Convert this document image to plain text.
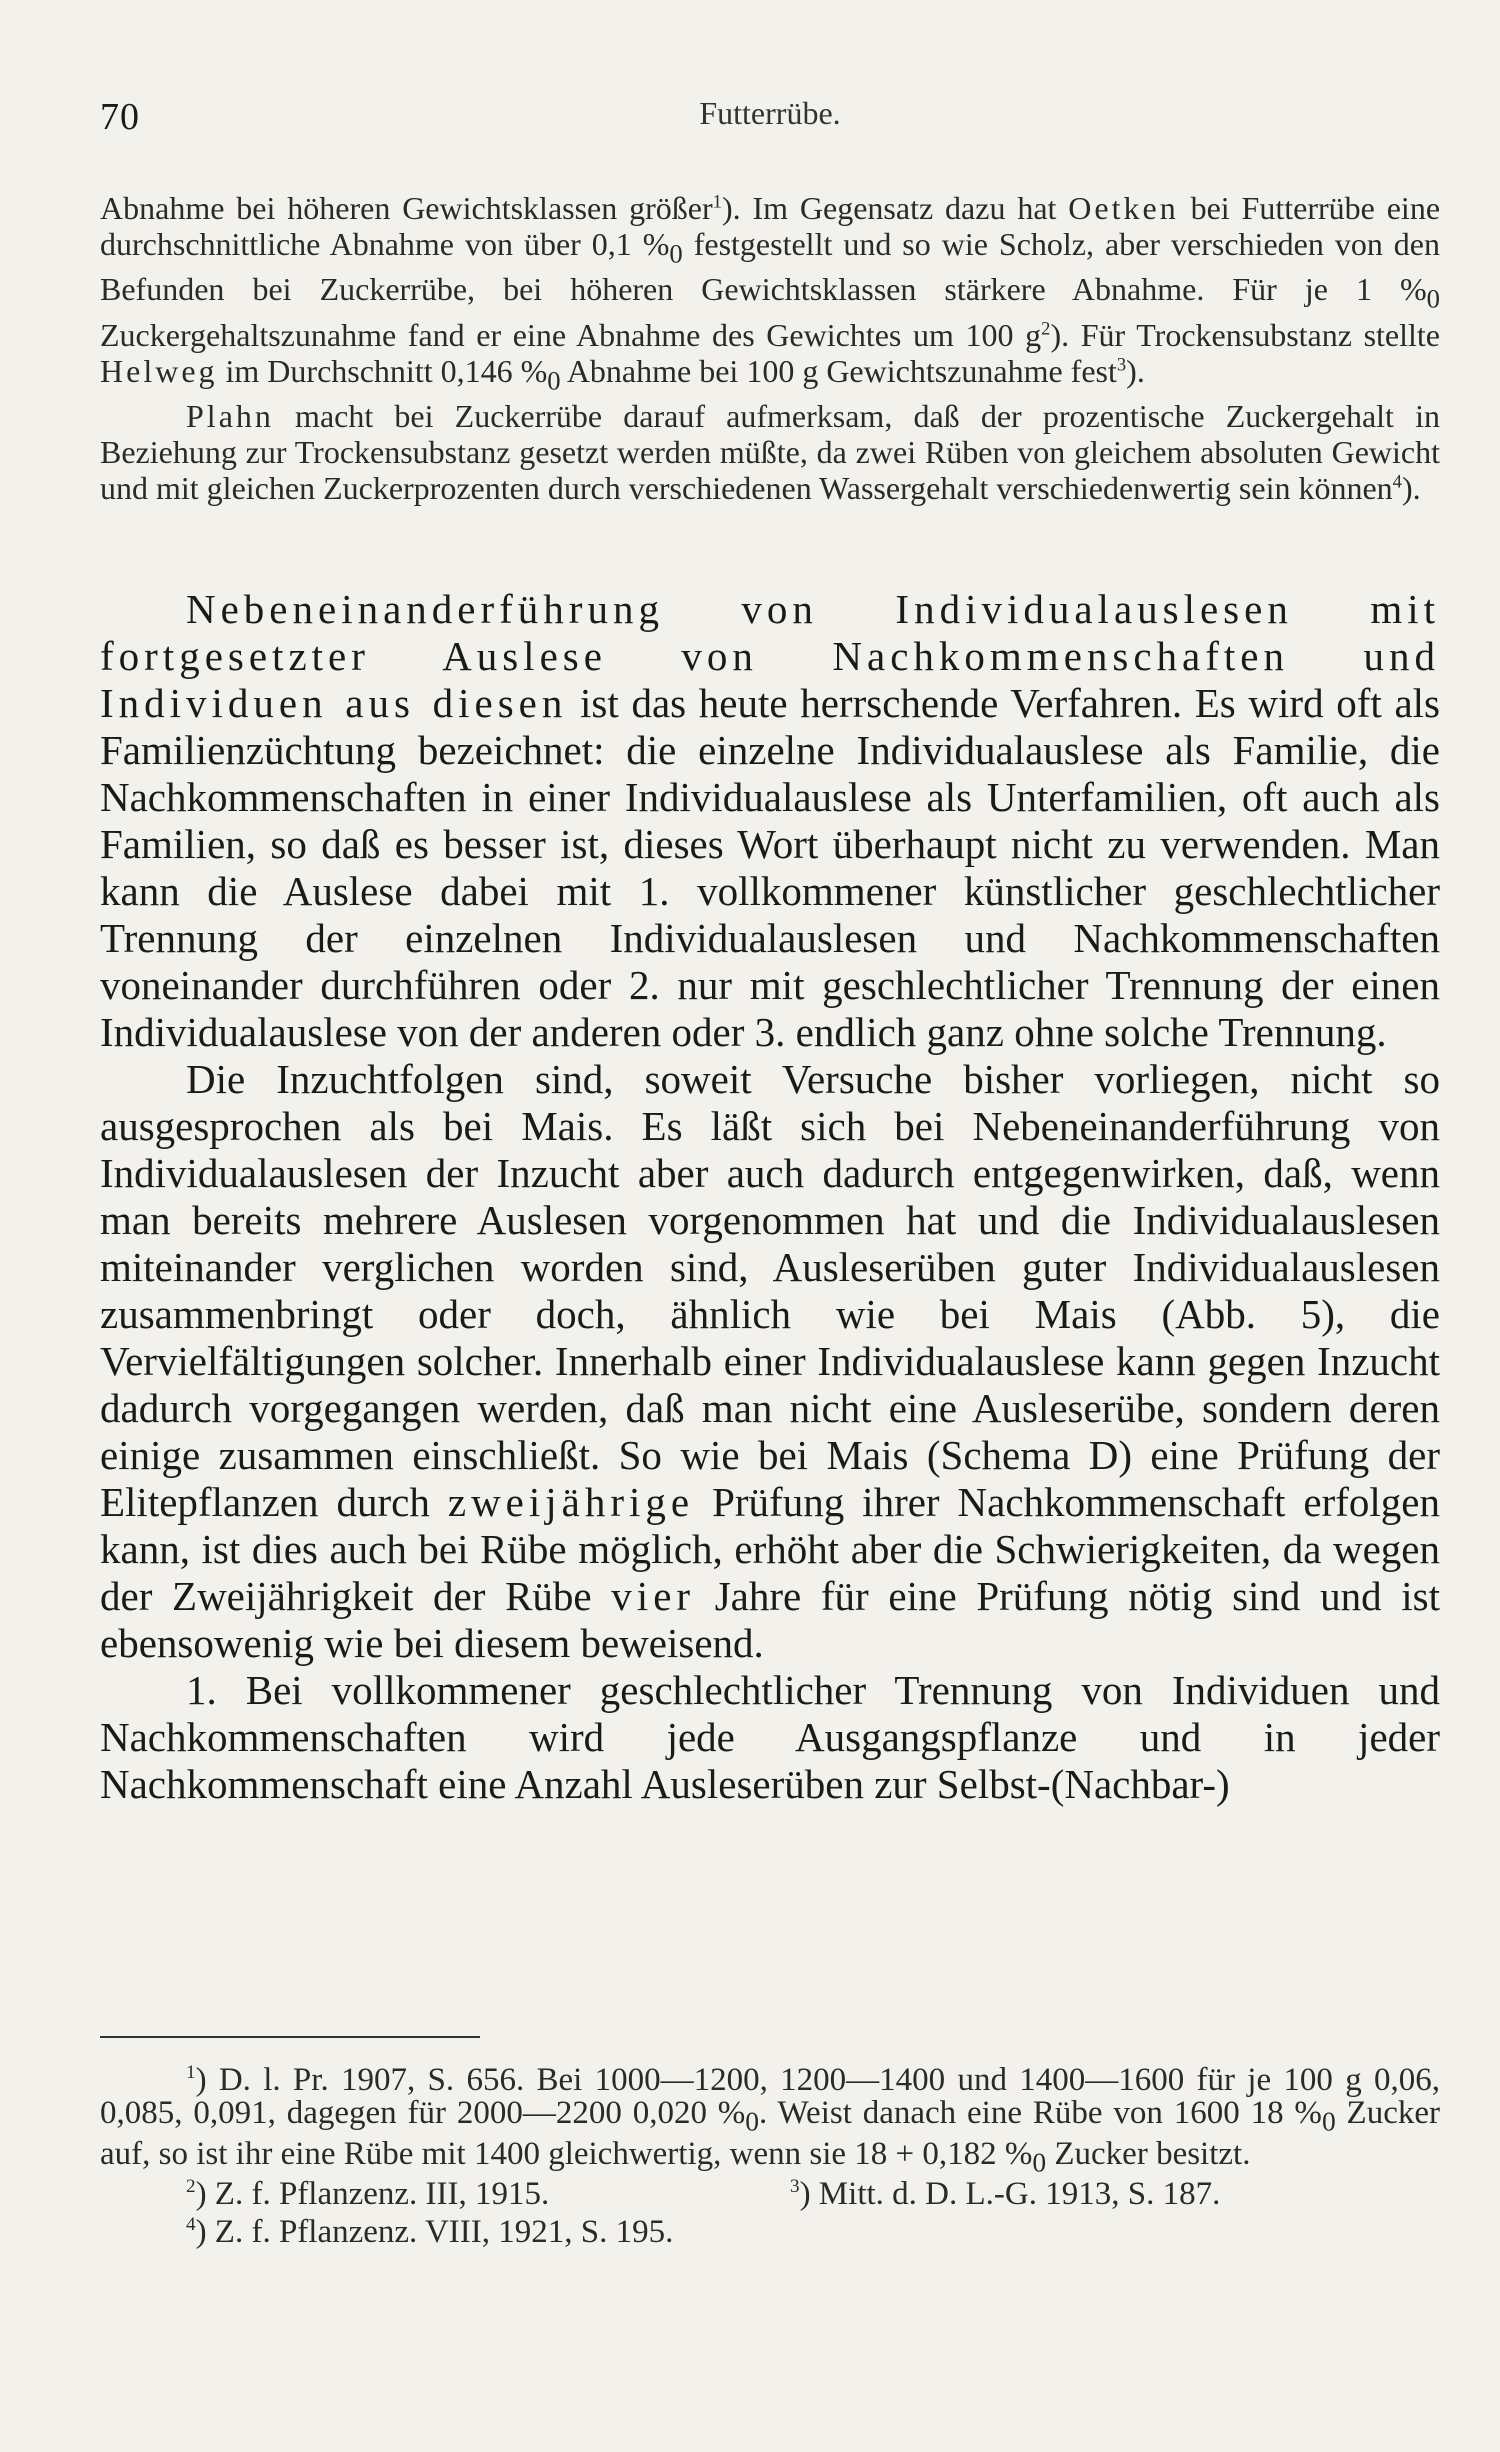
70	Futterrübe.

Abnahme bei höheren Gewichtsklassen größer$^1$). Im Gegensatz dazu hat Oetken bei Futterrübe eine durchschnittliche Abnahme von über 0,1 $\%_0$ festgestellt und so wie Scholz, aber verschieden von den Befunden bei Zuckerrübe, bei höheren Gewichtsklassen stärkere Abnahme. Für je 1 $\%_0$ Zuckergehaltszunahme fand er eine Abnahme des Gewichtes um 100 $g^2$). Für Trockensubstanz stellte Helweg im Durchschnitt 0,146 $\%_0$ Abnahme bei 100 g Gewichtszunahme fest$^3$).

Plahn macht bei Zuckerrübe darauf aufmerksam, daß der prozentische Zuckergehalt in Beziehung zur Trockensubstanz gesetzt werden müßte, da zwei Rüben von gleichem absoluten Gewicht und mit gleichen Zuckerprozenten durch verschiedenen Wassergehalt verschiedenwertig sein können$^4$).

Nebeneinanderführung von Individualauslesen mit fortgesetzter Auslese von Nachkommenschaften und Individuen aus diesen ist das heute herrschende Verfahren. Es wird oft als Familienzüchtung bezeichnet: die einzelne Individualauslese als Familie, die Nachkommenschaften in einer Individualauslese als Unterfamilien, oft auch als Familien, so daß es besser ist, dieses Wort überhaupt nicht zu verwenden. Man kann die Auslese dabei mit 1. vollkommener künstlicher geschlechtlicher Trennung der einzelnen Individualauslesen und Nachkommenschaften voneinander durchführen oder 2. nur mit geschlechtlicher Trennung der einen Individualauslese von der anderen oder 3. endlich ganz ohne solche Trennung.

Die Inzuchtfolgen sind, soweit Versuche bisher vorliegen, nicht so ausgesprochen als bei Mais. Es läßt sich bei Nebeneinanderführung von Individualauslesen der Inzucht aber auch dadurch entgegenwirken, daß, wenn man bereits mehrere Auslesen vorgenommen hat und die Individualauslesen miteinander verglichen worden sind, Ausleserüben guter Individualauslesen zusammenbringt oder doch, ähnlich wie bei Mais (Abb. 5), die Vervielfältigungen solcher. Innerhalb einer Individualauslese kann gegen Inzucht dadurch vorgegangen werden, daß man nicht eine Ausleserübe, sondern deren einige zusammen einschließt. So wie bei Mais (Schema D) eine Prüfung der Elitepflanzen durch zweijährige Prüfung ihrer Nachkommenschaft erfolgen kann, ist dies auch bei Rübe möglich, erhöht aber die Schwierigkeiten, da wegen der Zweijährigkeit der Rübe vier Jahre für eine Prüfung nötig sind und ist ebensowenig wie bei diesem beweisend.

1. Bei vollkommener geschlechtlicher Trennung von Individuen und Nachkommenschaften wird jede Ausgangspflanze und in jeder Nachkommenschaft eine Anzahl Ausleserüben zur Selbst-(Nachbar-)

$^1$) D. l. Pr. 1907, S. 656. Bei 1000—1200, 1200—1400 und 1400—1600 für je 100 g 0,06, 0,085, 0,091, dagegen für 2000—2200 0,020 $\%_0$. Weist danach eine Rübe von 1600 18 $\%_0$ Zucker auf, so ist ihr eine Rübe mit 1400 gleichwertig, wenn sie 18 + 0,182 $\%_0$ Zucker besitzt.

$^2$) Z. f. Pflanzenz. III, 1915.	$^3$) Mitt. d. D. L.-G. 1913, S. 187.

$^4$) Z. f. Pflanzenz. VIII, 1921, S. 195.
